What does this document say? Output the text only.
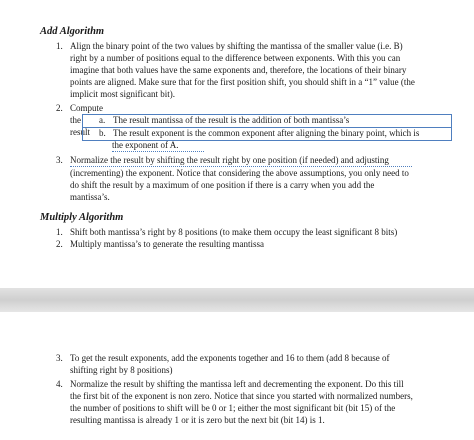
Add Algorithm
1. Align the binary point of the two values by shifting the mantissa of the smaller value (i.e. B)
right by a number of positions equal to the difference between exponents. With this you can
imagine that both values have the same exponents and, therefore, the locations of their binary
points are aligned. Make sure that for the first position shift, you should shift in a “1” value (the
implicit most significant bit).
2. Compute the result
a. The result mantissa of the result is the addition of both mantissa’s
b. The result exponent is the common exponent after aligning the binary point, which is
the exponent of A.
3. Normalize the result by shifting the result right by one position (if needed) and adjusting
(incrementing) the exponent. Notice that considering the above assumptions, you only need to
do shift the result by a maximum of one position if there is a carry when you add the
mantissa’s.
Multiply Algorithm
1. Shift both mantissa’s right by 8 positions (to make them occupy the least significant 8 bits)
2. Multiply mantissa’s to generate the resulting mantissa
3. To get the result exponents, add the exponents together and 16 to them (add 8 because of
shifting right by 8 positions)
4. Normalize the result by shifting the mantissa left and decrementing the exponent. Do this till
the first bit of the exponent is non zero. Notice that since you started with normalized numbers,
the number of positions to shift will be 0 or 1; either the most significant bit (bit 15) of the
resulting mantissa is already 1 or it is zero but the next bit (bit 14) is 1.
